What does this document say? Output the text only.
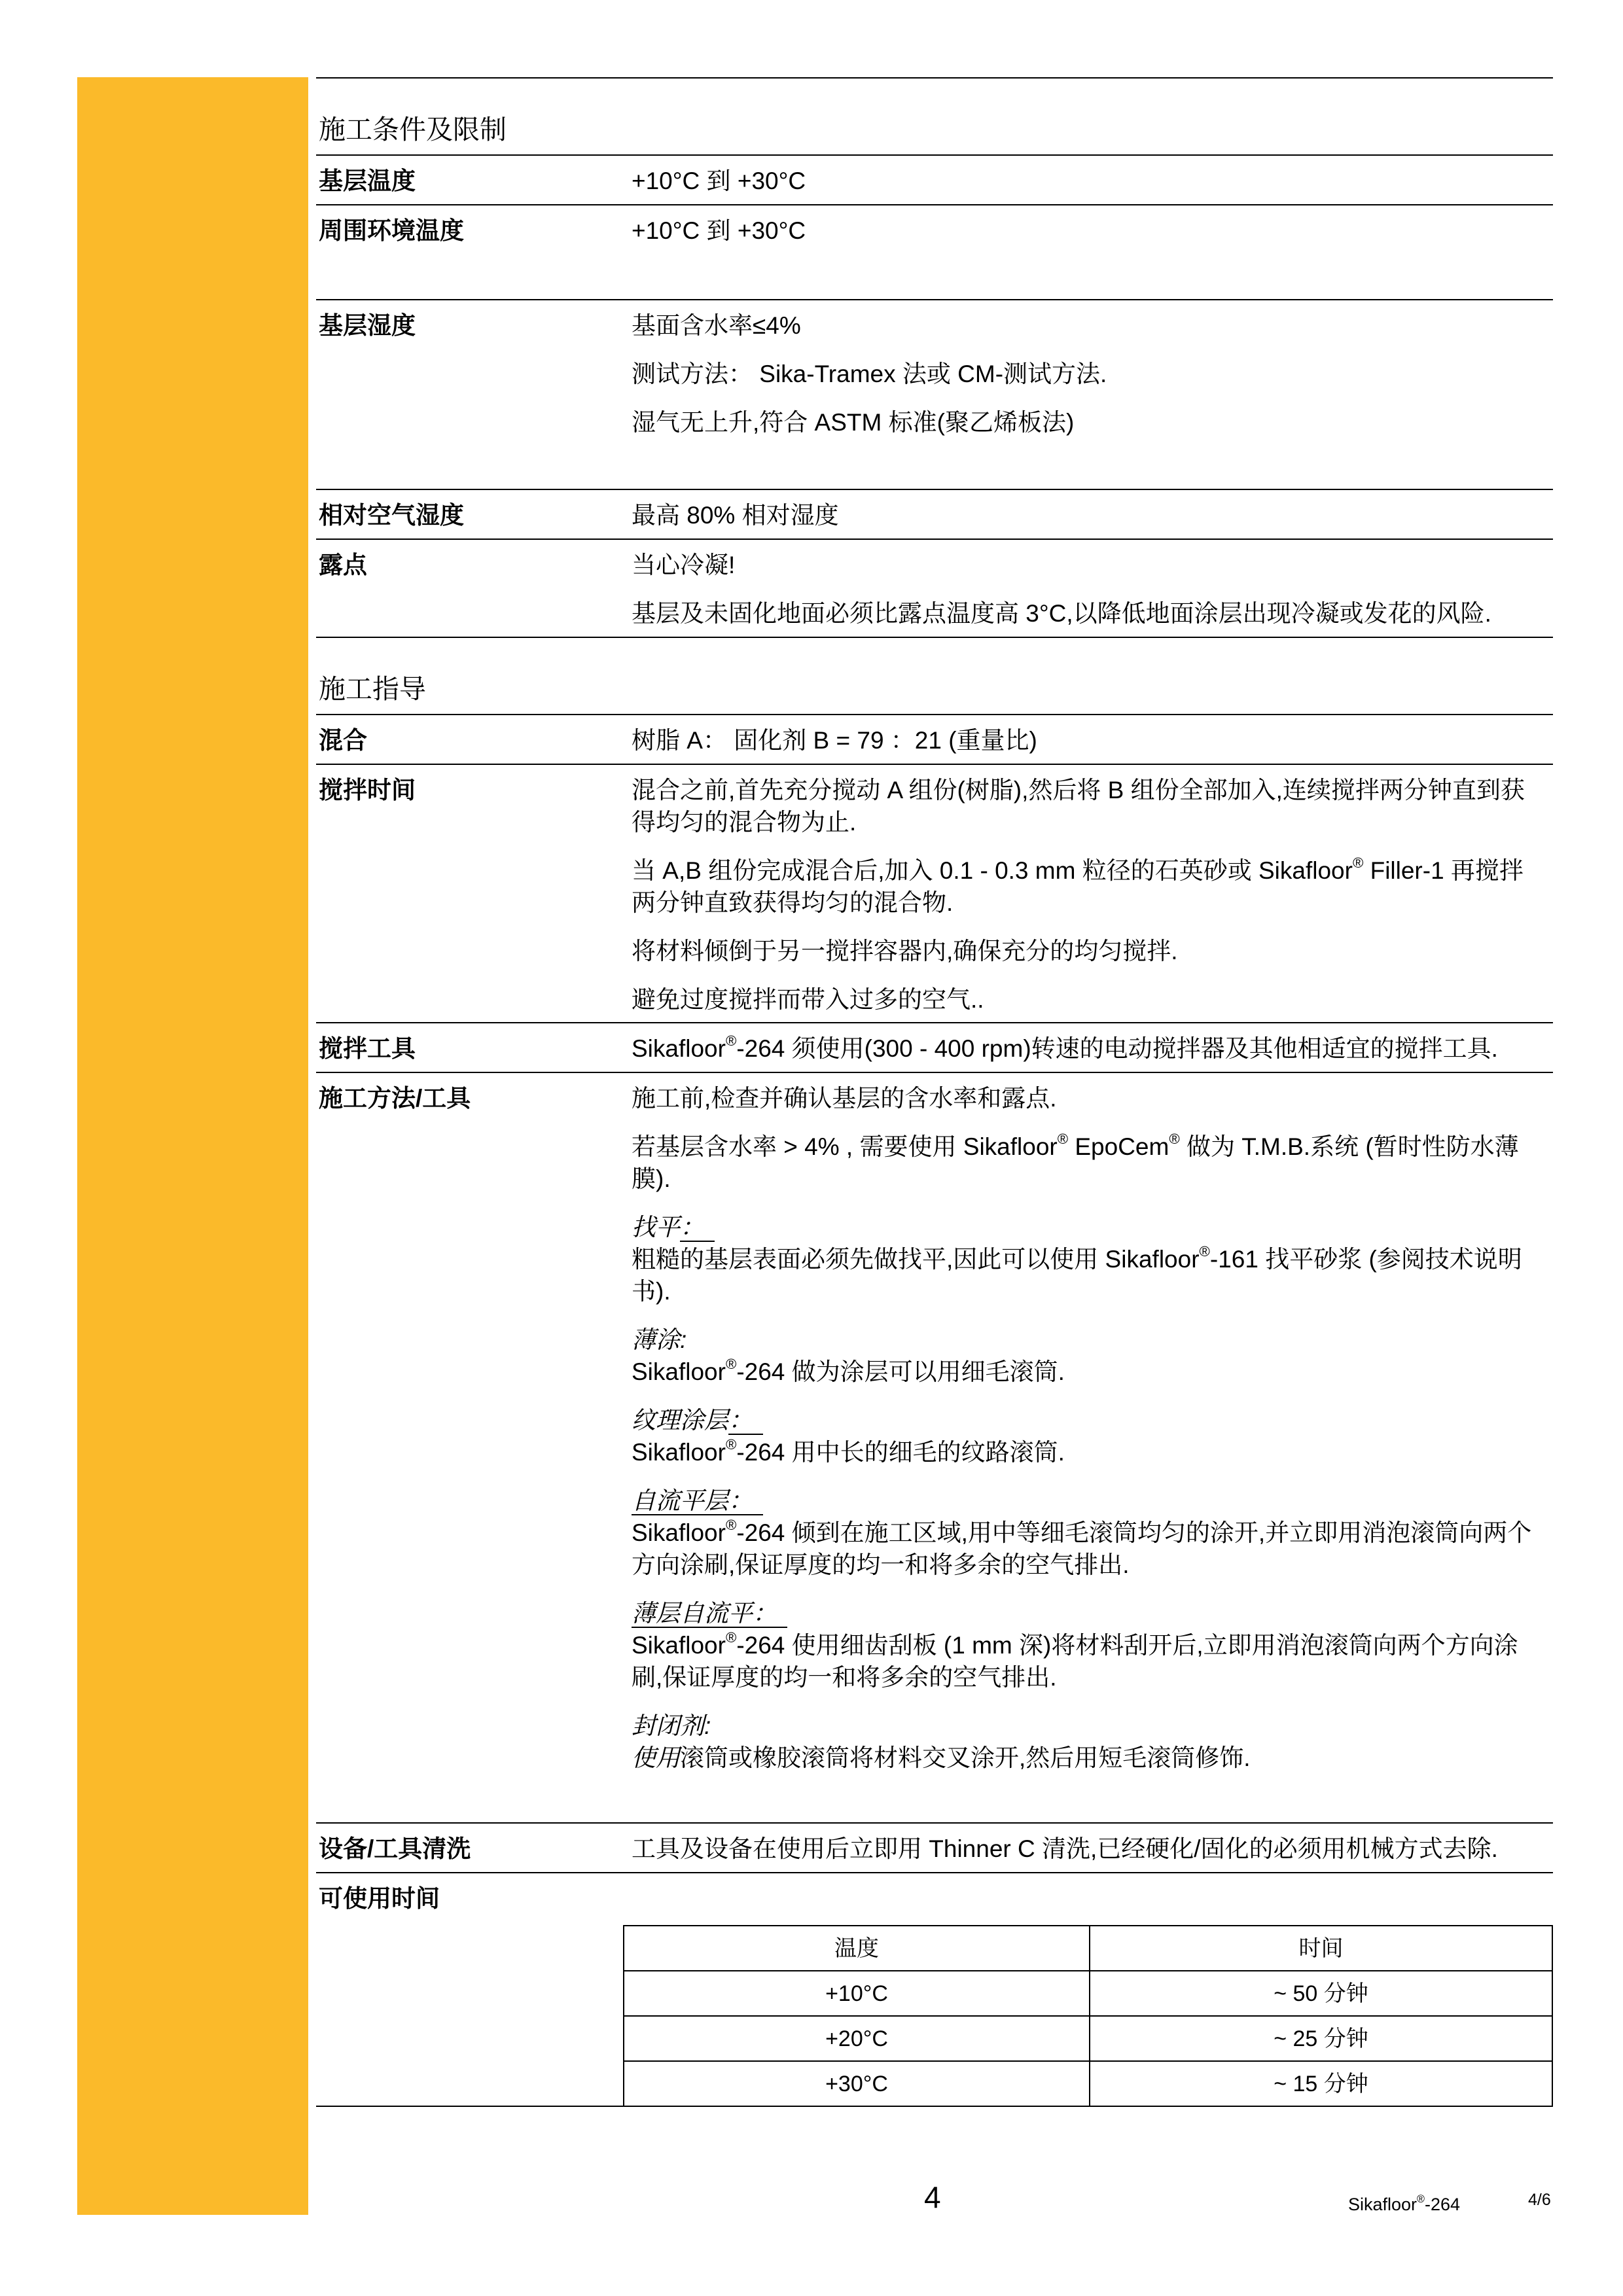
施工条件及限制
基层温度	+10°C 到 +30°C
周围环境温度	+10°C 到 +30°C
基层湿度	基面含水率≤4%
测试方法： Sika-Tramex 法或 CM-测试方法.
湿气无上升,符合 ASTM 标准(聚乙烯板法)
相对空气湿度	最高 80% 相对湿度
露点	当心冷凝!
基层及未固化地面必须比露点温度高 3°C,以降低地面涂层出现冷凝或发花的风险.
施工指导
混合	树脂 A： 固化剂 B = 79 ：21 (重量比)
搅拌时间	混合之前,首先充分搅动 A 组份(树脂),然后将 B 组份全部加入,连续搅拌两分钟直到获
得均匀的混合物为止.
当 A,B 组份完成混合后,加入 0.1 - 0.3 mm 粒径的石英砂或 Sikafloor® Filler-1 再搅拌
两分钟直致获得均匀的混合物.
将材料倾倒于另一搅拌容器内,确保充分的均匀搅拌.
避免过度搅拌而带入过多的空气..
搅拌工具	Sikafloor®-264 须使用(300 - 400 rpm)转速的电动搅拌器及其他相适宜的搅拌工具.
施工方法/工具	施工前,检查并确认基层的含水率和露点.
若基层含水率 > 4% , 需要使用 Sikafloor® EpoCem® 做为 T.M.B.系统 (暂时性防水薄
膜).
找平：
粗糙的基层表面必须先做找平,因此可以使用 Sikafloor®-161 找平砂浆 (参阅技术说明
书).
薄涂:
Sikafloor®-264 做为涂层可以用细毛滚筒.
纹理涂层：
Sikafloor®-264 用中长的细毛的纹路滚筒.
自流平层：
Sikafloor®-264 倾到在施工区域,用中等细毛滚筒均匀的涂开,并立即用消泡滚筒向两个
方向涂刷,保证厚度的均一和将多余的空气排出.
薄层自流平：
Sikafloor®-264 使用细齿刮板 (1 mm 深)将材料刮开后,立即用消泡滚筒向两个方向涂
刷,保证厚度的均一和将多余的空气排出.
封闭剂:
使用滚筒或橡胶滚筒将材料交叉涂开,然后用短毛滚筒修饰.
设备/工具清洗	工具及设备在使用后立即用 Thinner C 清洗,已经硬化/固化的必须用机械方式去除.
可使用时间
温度	时间
+10°C	~ 50 分钟
+20°C	~ 25 分钟
+30°C	~ 15 分钟
4	Sikafloor®-264	4/6
